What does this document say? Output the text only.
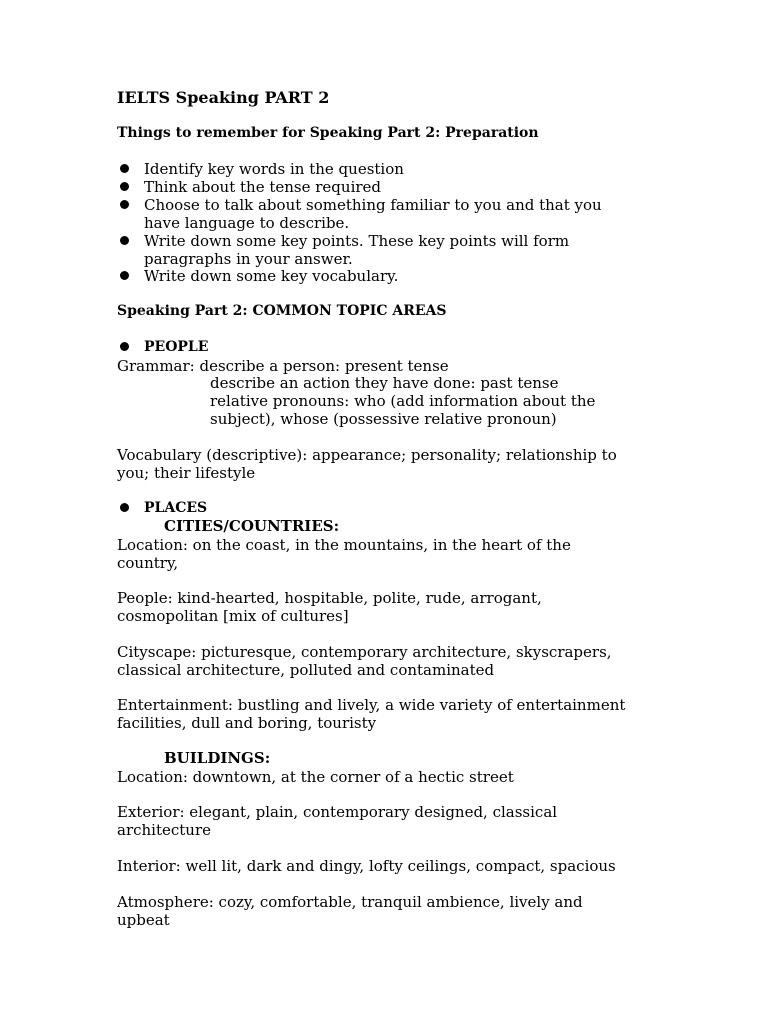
IELTS Speaking PART 2
Things to remember for Speaking Part 2: Preparation
Identify key words in the question
Think about the tense required
Choose to talk about something familiar to you and that you
have language to describe.
Write down some key points. These key points will form
paragraphs in your answer.
Write down some key vocabulary.
Speaking Part 2: COMMON TOPIC AREAS
PEOPLE
Grammar: describe a person: present tense
describe an action they have done: past tense
relative pronouns: who (add information about the
subject), whose (possessive relative pronoun)
Vocabulary (descriptive): appearance; personality; relationship to
you; their lifestyle
PLACES
CITIES/COUNTRIES:
Location: on the coast, in the mountains, in the heart of the
country,
People: kind-hearted, hospitable, polite, rude, arrogant,
cosmopolitan [mix of cultures]
Cityscape: picturesque, contemporary architecture, skyscrapers,
classical architecture, polluted and contaminated
Entertainment: bustling and lively, a wide variety of entertainment
facilities, dull and boring, touristy
BUILDINGS:
Location: downtown, at the corner of a hectic street
Exterior: elegant, plain, contemporary designed, classical
architecture
Interior: well lit, dark and dingy, lofty ceilings, compact, spacious
Atmosphere: cozy, comfortable, tranquil ambience, lively and
upbeat
